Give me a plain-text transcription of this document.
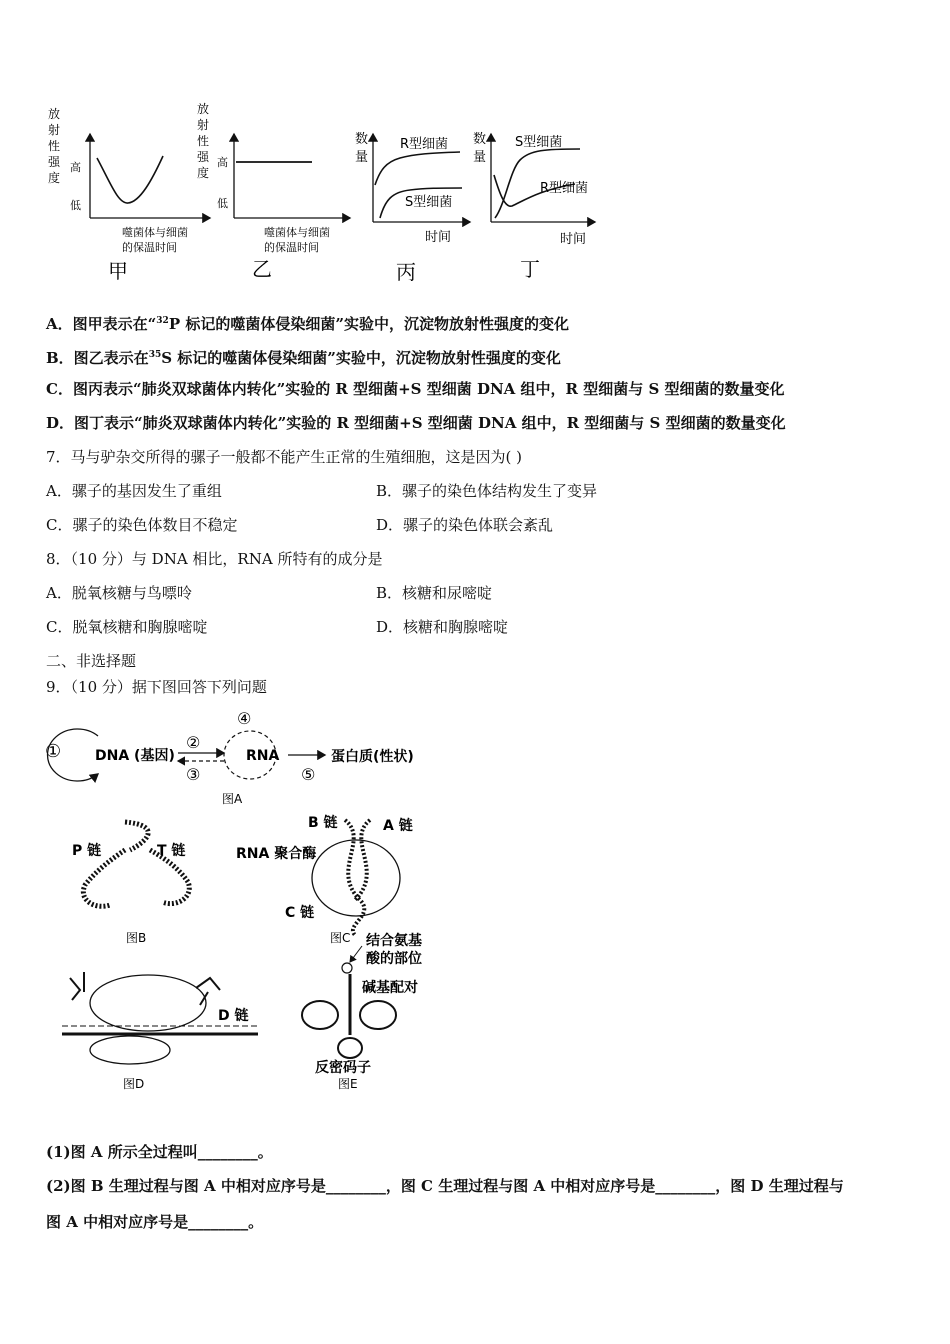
放
射
性
强
度
高
低
噬菌体与细菌
的保温时间
甲
放
射
性
强
度
高
低
噬菌体与细菌
的保温时间
乙
数
量
R型细菌
S型细菌
时间
丙
数
量
S型细菌
R型细菌
时间
丁
A．图甲表示在“$^{32}$P 标记的噬菌体侵染细菌”实验中，沉淀物放射性强度的变化
B．图乙表示在$^{35}$S 标记的噬菌体侵染细菌”实验中，沉淀物放射性强度的变化
C．图丙表示“肺炎双球菌体内转化”实验的 R 型细菌+S 型细菌 DNA 组中，R 型细菌与 S 型细菌的数量变化
D．图丁表示“肺炎双球菌体内转化”实验的 R 型细菌+S 型细菌 DNA 组中，R 型细菌与 S 型细菌的数量变化
7．马与驴杂交所得的骡子一般都不能产生正常的生殖细胞，这是因为( )
A．骡子的基因发生了重组	B．骡子的染色体结构发生了变异
C．骡子的染色体数目不稳定	D．骡子的染色体联会紊乱
8．（10 分）与 DNA 相比，RNA 所特有的成分是
A．脱氧核糖与鸟嘌呤	B．核糖和尿嘧啶
C．脱氧核糖和胸腺嘧啶	D．核糖和胸腺嘧啶
二、非选择题
9．（10 分）据下图回答下列问题
① DNA (基因)
②
③
④
RNA
⑤
蛋白质(性状)
图A
P 链	T 链
图B
B 链	A 链
RNA 聚合酶
C 链
图C
D 链
图D
结合氨基
酸的部位
碱基配对
反密码子
图E
(1)图 A 所示全过程叫________。
(2)图 B 生理过程与图 A 中相对应序号是________，图 C 生理过程与图 A 中相对应序号是________，图 D 生理过程与
图 A 中相对应序号是________。
